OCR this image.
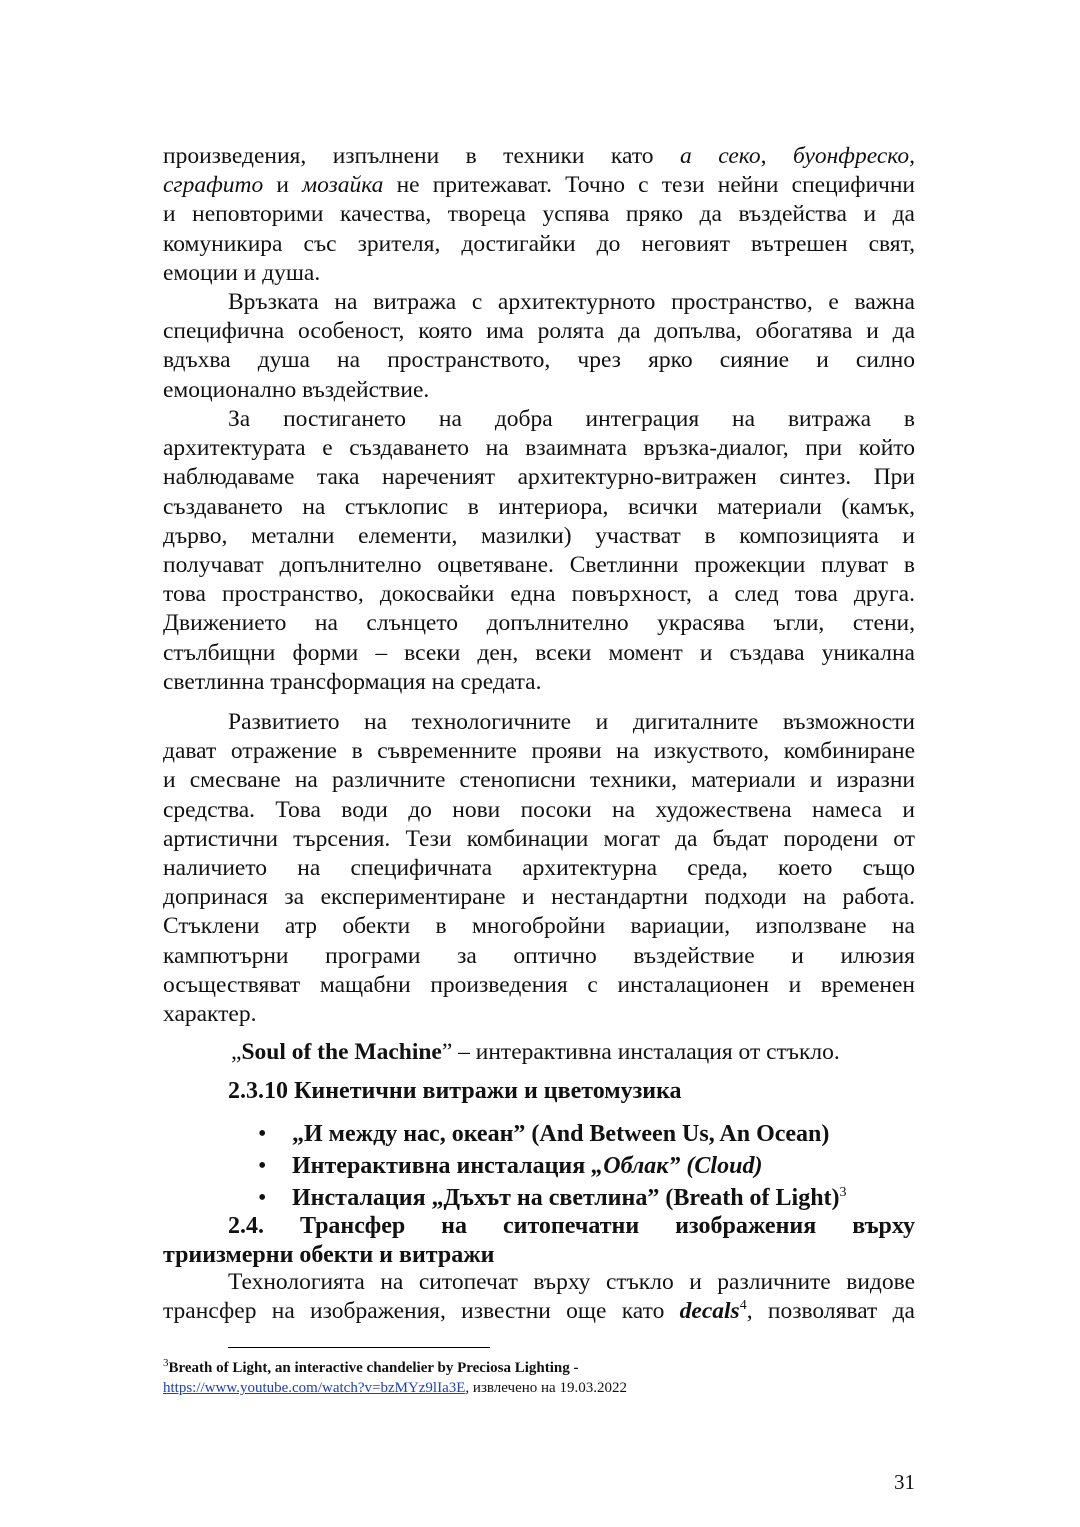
произведения, изпълнени в техники като а секо, буонфреско,
сграфито и мозайка не притежават. Точно с тези нейни специфични
и неповторими качества, твореца успява пряко да въздейства и да
комуникира със зрителя, достигайки до неговият вътрешен свят,
емоции и душа.
Връзката на витража с архитектурното пространство, е важна
специфична особеност, която има ролята да допълва, обогатява и да
вдъхва душа на пространството, чрез ярко сияние и силно
емоционално въздействие.
За постигането на добра интеграция на витража в
архитектурата е създаването на взаимната връзка-диалог, при който
наблюдаваме така нареченият архитектурно-витражен синтез. При
създаването на стъклопис в интериора, всички материали (камък,
дърво, метални елементи, мазилки) участват в композицията и
получават допълнително оцветяване. Светлинни прожекции плуват в
това пространство, докосвайки една повърхност, а след това друга.
Движението на слънцето допълнително украсява ъгли, стени,
стълбищни форми – всеки ден, всеки момент и създава уникална
светлинна трансформация на средата.
Развитието на технологичните и дигиталните възможности
дават отражение в съвременните прояви на изкуството, комбиниране
и смесване на различните стенописни техники, материали и изразни
средства. Това води до нови посоки на художествена намеса и
артистични търсения. Тези комбинации могат да бъдат породени от
наличието на специфичната архитектурна среда, което също
допринася за експериментиране и нестандартни подходи на работа.
Стъклени атр обекти в многобройни вариации, използване на
кампютърни програми за оптично въздействие и илюзия
осъществяват мащабни произведения с инсталационен и временен
характер.
„Soul of the Machine” – интерактивна инсталация от стъкло.
2.3.10 Кинетични витражи и цветомузика
• „И между нас, океан” (And Between Us, An Ocean)
• Интерактивна инсталация „Облак” (Cloud)
• Инсталация „Дъхът на светлина” (Breath of Light)$^3$
2.4. Трансфер на ситопечатни изображения върху
триизмерни обекти и витражи
Технологията на ситопечат върху стъкло и различните видове
трансфер на изображения, известни още като decals$^4$, позволяват да
$^3$Breath of Light, an interactive chandelier by Preciosa Lighting -
https://www.youtube.com/watch?v=bzMYz9lIa3E, извлечено на 19.03.2022
31
